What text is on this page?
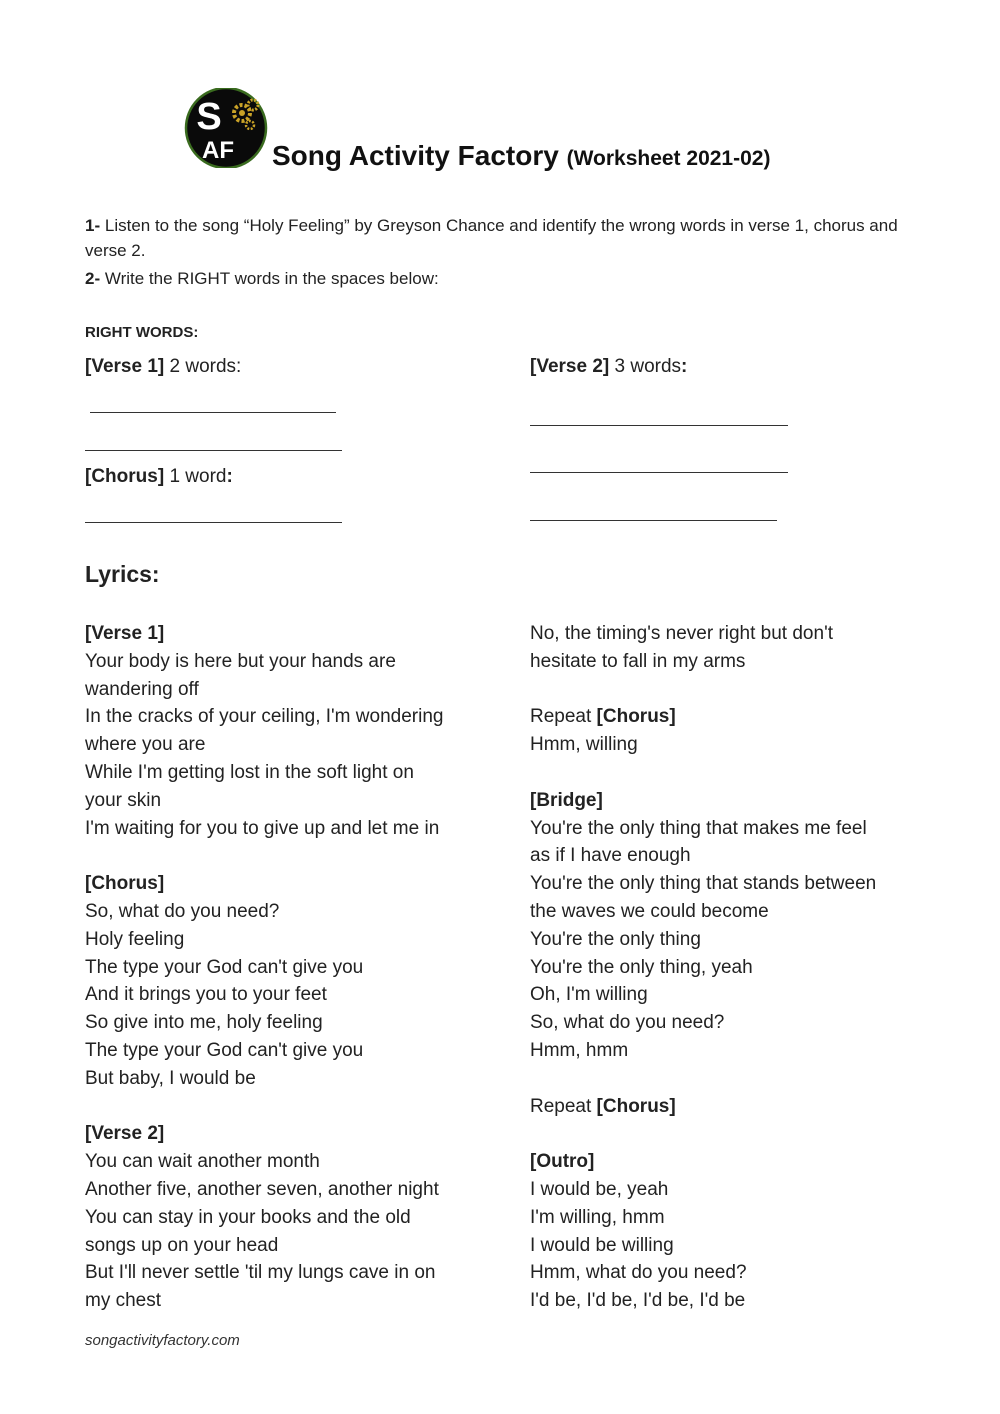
S
AF Song Activity Factory (Worksheet 2021-02)
1- Listen to the song “Holy Feeling” by Greyson Chance and identify the wrong words in verse 1, chorus and verse 2.
2- Write the RIGHT words in the spaces below:
RIGHT WORDS:
[Verse 1] 2 words:
[Chorus] 1 word:
[Verse 2] 3 words:
Lyrics:
[Verse 1]
Your body is here but your hands are
wandering off
In the cracks of your ceiling, I'm wondering
where you are
While I'm getting lost in the soft light on
your skin
I'm waiting for you to give up and let me in
[Chorus]
So, what do you need?
Holy feeling
The type your God can't give you
And it brings you to your feet
So give into me, holy feeling
The type your God can't give you
But baby, I would be
[Verse 2]
You can wait another month
Another five, another seven, another night
You can stay in your books and the old
songs up on your head
But I'll never settle 'til my lungs cave in on
my chest
No, the timing's never right but don't
hesitate to fall in my arms
Repeat [Chorus]
Hmm, willing
[Bridge]
You're the only thing that makes me feel
as if I have enough
You're the only thing that stands between
the waves we could become
You're the only thing
You're the only thing, yeah
Oh, I'm willing
So, what do you need?
Hmm, hmm
Repeat [Chorus]
[Outro]
I would be, yeah
I'm willing, hmm
I would be willing
Hmm, what do you need?
I'd be, I'd be, I'd be, I'd be
songactivityfactory.com
